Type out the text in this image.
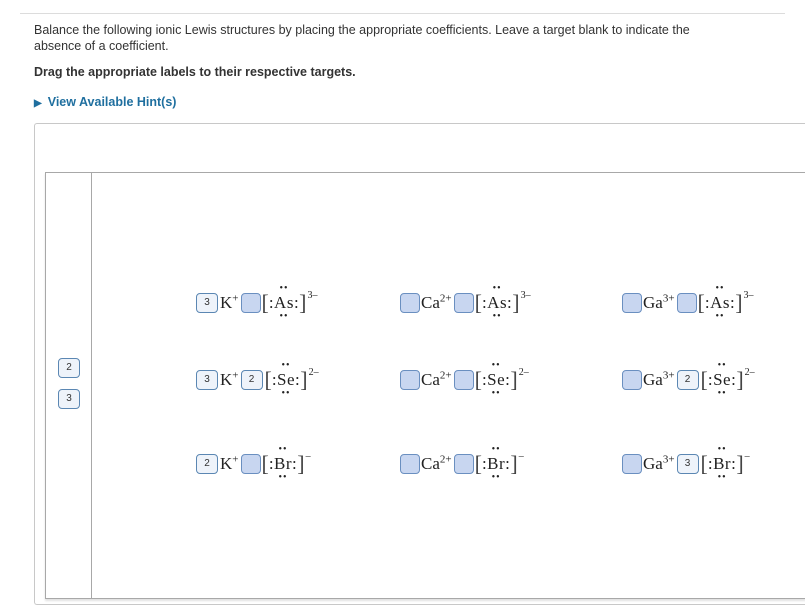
Balance the following ionic Lewis structures by placing the appropriate coefficients. Leave a target blank to indicate the absence of a coefficient.
Drag the appropriate labels to their respective targets.
▶ View Available Hint(s)
2
3
3 K+ [ :As:
••
••
] 3–	$Ca^{2+}$ [ :As:
••
••
] 3–	$Ga^{3+}$ [ :As:
••
••
] 3–
3 K+	2 [ :Se:
••
••
] 2–	$Ca^{2+}$ [ :Se:
••
••
] 2–	$Ga^{3+}$	2 [ :Se:
••
••
] 2–
2 K+ [ :Br:
••
••
] –	$Ca^{2+}$ [ :Br:
••
••
] –	$Ga^{3+}$	3 [ :Br:
••
••
] –
